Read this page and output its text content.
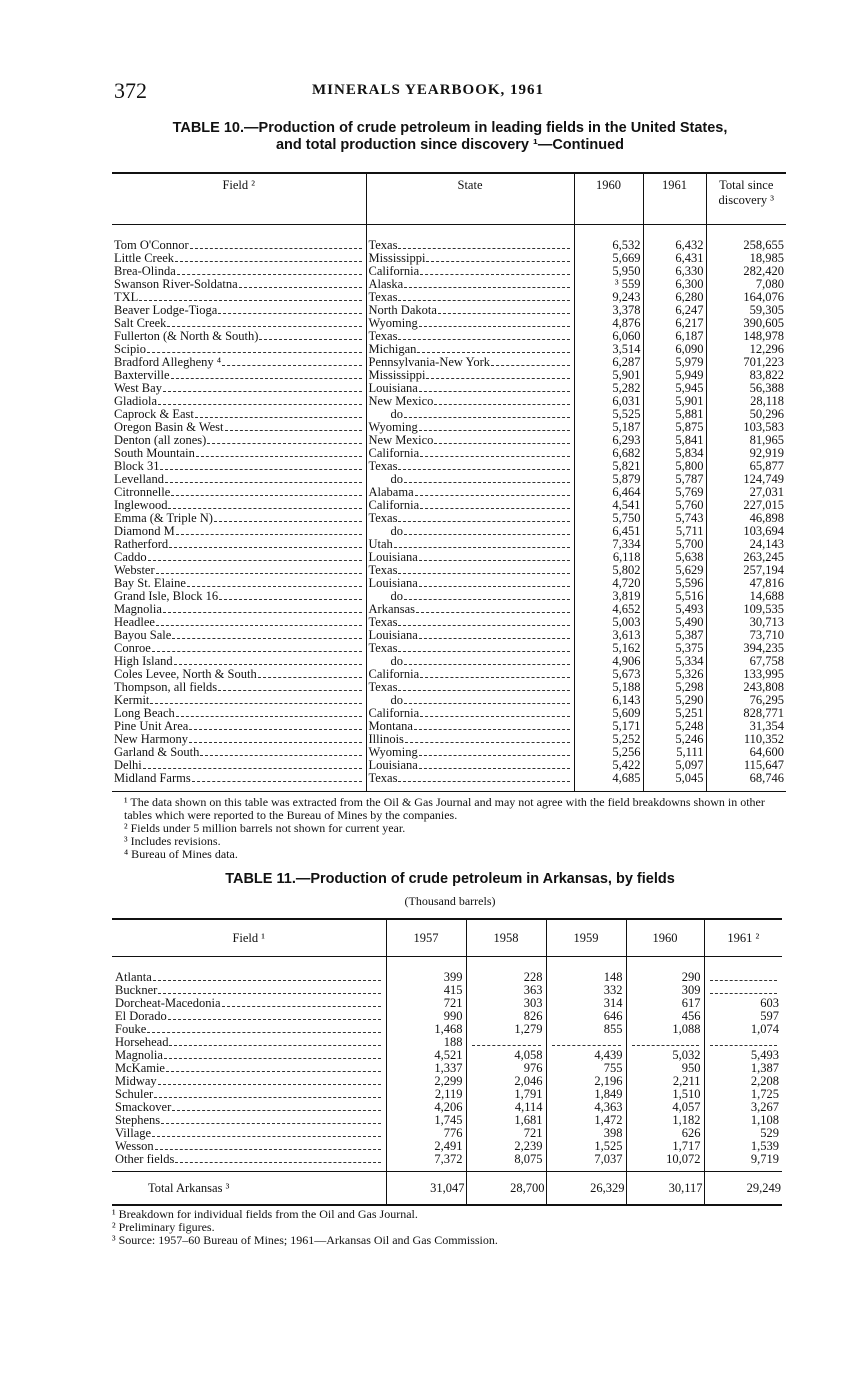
372	MINERALS YEARBOOK, 1961
TABLE 10.—Production of crude petroleum in leading fields in the United States,
and total production since discovery ¹—Continued
Field ²	State	1960	1961	Total since discovery ³

Tom O'Connor	Texas	6,532	6,432	258,655

Little Creek	Mississippi	5,669	6,431	18,985

Brea-Olinda	California	5,950	6,330	282,420

Swanson River-Soldatna	Alaska	³ 559	6,300	7,080

TXL	Texas	9,243	6,280	164,076

Beaver Lodge-Tioga	North Dakota	3,378	6,247	59,305

Salt Creek	Wyoming	4,876	6,217	390,605

Fullerton (& North & South)	Texas	6,060	6,187	148,978

Scipio	Michigan	3,514	6,090	12,296

Bradford Allegheny ⁴	Pennsylvania-New York	6,287	5,979	701,223

Baxterville	Mississippi	5,901	5,949	83,822

West Bay	Louisiana	5,282	5,945	56,388

Gladiola	New Mexico	6,031	5,901	28,118

Caprock & East	do	5,525	5,881	50,296

Oregon Basin & West	Wyoming	5,187	5,875	103,583

Denton (all zones)	New Mexico	6,293	5,841	81,965

South Mountain	California	6,682	5,834	92,919

Block 31	Texas	5,821	5,800	65,877

Levelland	do	5,879	5,787	124,749

Citronnelle	Alabama	6,464	5,769	27,031

Inglewood	California	4,541	5,760	227,015

Emma (& Triple N)	Texas	5,750	5,743	46,898

Diamond M	do	6,451	5,711	103,694

Ratherford	Utah	7,334	5,700	24,143

Caddo	Louisiana	6,118	5,638	263,245

Webster	Texas	5,802	5,629	257,194

Bay St. Elaine	Louisiana	4,720	5,596	47,816

Grand Isle, Block 16	do	3,819	5,516	14,688

Magnolia	Arkansas	4,652	5,493	109,535

Headlee	Texas	5,003	5,490	30,713

Bayou Sale	Louisiana	3,613	5,387	73,710

Conroe	Texas	5,162	5,375	394,235

High Island	do	4,906	5,334	67,758

Coles Levee, North & South	California	5,673	5,326	133,995

Thompson, all fields	Texas	5,188	5,298	243,808

Kermit	do	6,143	5,290	76,295

Long Beach	California	5,609	5,251	828,771

Pine Unit Area	Montana	5,171	5,248	31,354

New Harmony	Illinois	5,252	5,246	110,352

Garland & South	Wyoming	5,256	5,111	64,600

Delhi	Louisiana	5,422	5,097	115,647

Midland Farms	Texas	4,685	5,045	68,746

¹ The data shown on this table was extracted from the Oil & Gas Journal and may not agree with the field breakdowns shown in other tables which were reported to the Bureau of Mines by the companies.

² Fields under 5 million barrels not shown for current year.

³ Includes revisions.

⁴ Bureau of Mines data.

TABLE 11.—Production of crude petroleum in Arkansas, by fields
(Thousand barrels)
Field ¹	1957	1958	1959	1960	1961 ²

Atlanta	399	228	148	290	

Buckner	415	363	332	309	

Dorcheat-Macedonia	721	303	314	617	603

El Dorado	990	826	646	456	597

Fouke	1,468	1,279	855	1,088	1,074

Horsehead	188	

Magnolia	4,521	4,058	4,439	5,032	5,493

McKamie	1,337	976	755	950	1,387

Midway	2,299	2,046	2,196	2,211	2,208

Schuler	2,119	1,791	1,849	1,510	1,725

Smackover	4,206	4,114	4,363	4,057	3,267

Stephens	1,745	1,681	1,472	1,182	1,108

Village	776	721	398	626	529

Wesson	2,491	2,239	1,525	1,717	1,539

Other fields	7,372	8,075	7,037	10,072	9,719
Total Arkansas ³	31,047	28,700	26,329	30,117	29,249

¹ Breakdown for individual fields from the Oil and Gas Journal.

² Preliminary figures.

³ Source: 1957–60 Bureau of Mines; 1961—Arkansas Oil and Gas Commission.
